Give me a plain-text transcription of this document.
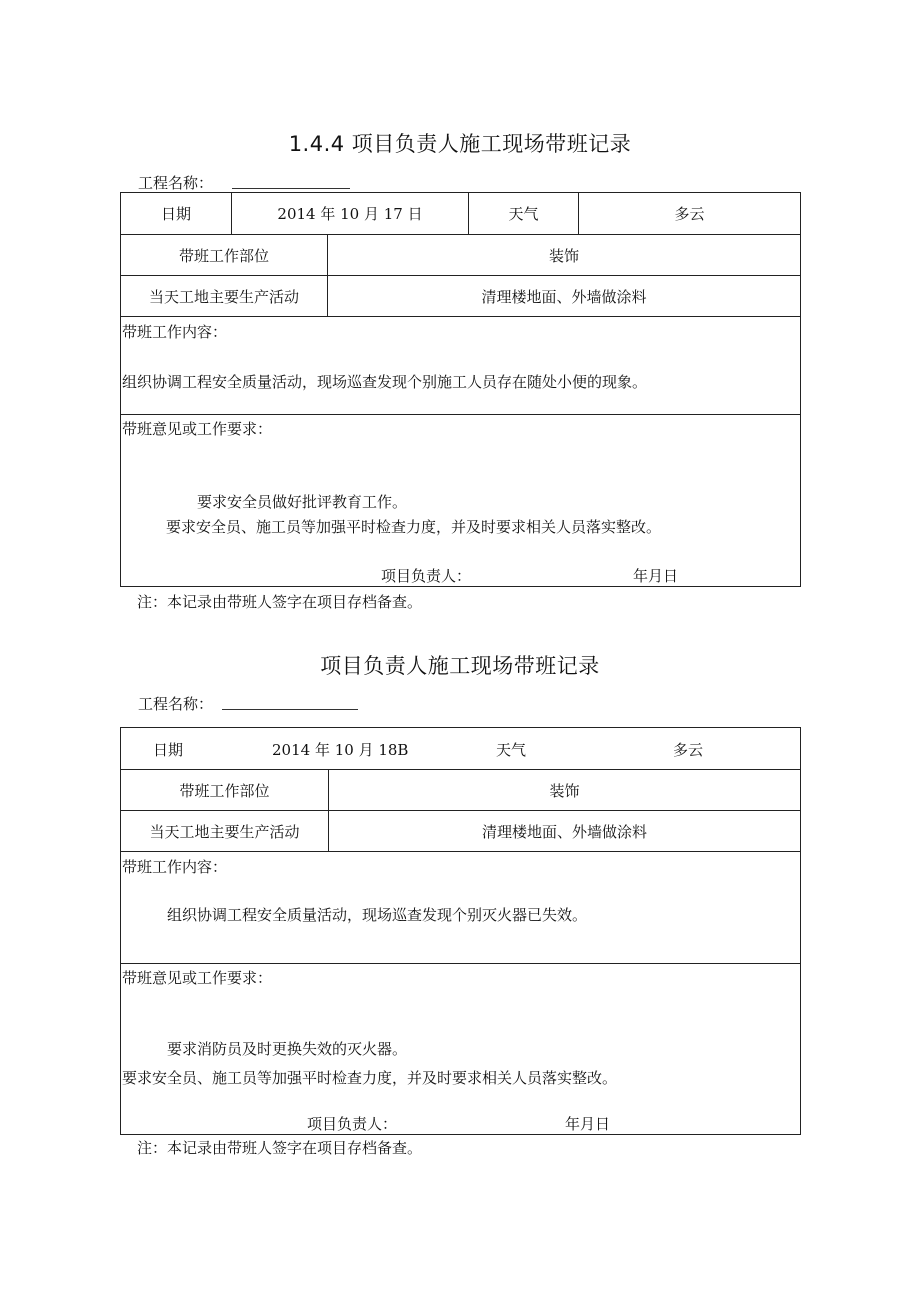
1.4.4 项目负责人施工现场带班记录
工程名称：
日期	2014 年 10 月 17 日		天气	多云
带班工作部位		装饰		
当天工地主要生产活动		清理楼地面、外墙做涂料		

带班工作内容：
组织协调工程安全质量活动，现场巡查发现个别施工人员存在随处小便的现象。				

带班意见或工作要求：
要求安全员做好批评教育工作。
要求安全员、施工员等加强平时检查力度，并及时要求相关人员落实整改。
项目负责人： 年月日				
注：本记录由带班人签字在项目存档备查。
项目负责人施工现场带班记录
工程名称：
日期 2014 年 10 月 18B 天气 多云	

带班工作部位	装饰
当天工地主要生产活动	清理楼地面、外墙做涂料

带班工作内容：
组织协调工程安全质量活动，现场巡查发现个别灭火器已失效。	

带班意见或工作要求：
要求消防员及时更换失效的灭火器。
要求安全员、施工员等加强平时检查力度，并及时要求相关人员落实整改。
项目负责人： 年月日	
注：本记录由带班人签字在项目存档备查。
